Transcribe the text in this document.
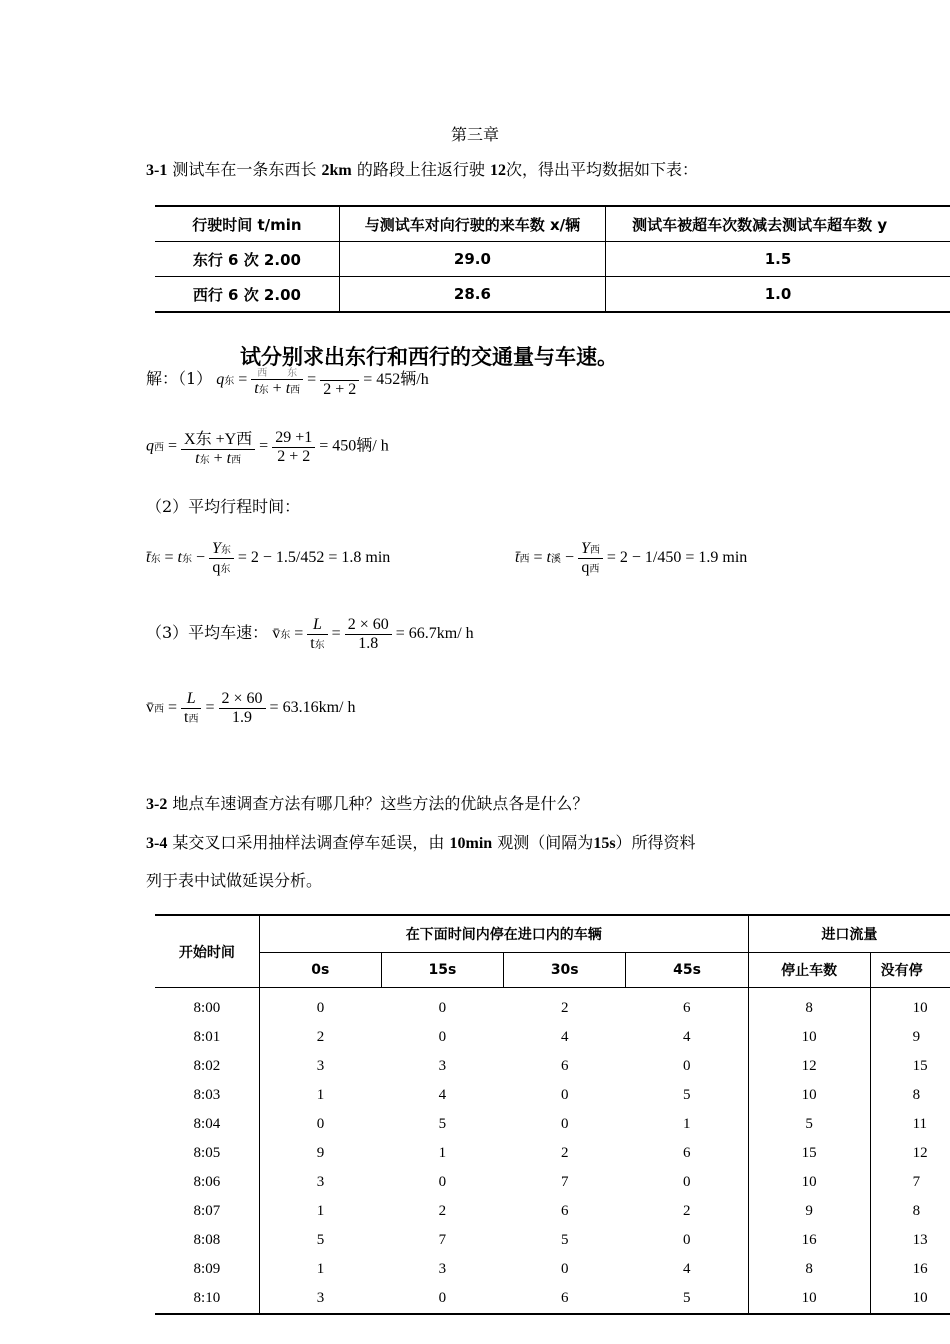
第三章
3-1 测试车在一条东西长 2km 的路段上往返行驶 12次，得出平均数据如下表：
行驶时间 t/min	与测试车对向行驶的来车数 x/辆	测试车被超车次数减去测试车超车数 y
东行 6 次 2.00	29.0	1.5
西行 6 次 2.00	28.6	1.0
解：（1） q东 = $\frac{\text{西　　东}}{\text{t东 + t西}}$ =

2 + 2
= 452辆/h
试分别求出东行和西行的交通量与车速。
q西 = $\frac{\text{X东 +Y西}}{\text{t东 + t西}} = \frac{29 +1}{2 + 2} = 450$辆/ h
（2）平均行程时间：
t̄东 = t东 − $\frac{\text{Y东}}{\text{q东}} = 2 - 1.5/452 = 1.8$ min	t̄西 = t溪 − $\frac{\text{Y西}}{\text{q西}} = 2 - 1/450 = 1.9$ min
（3）平均车速： v̄东 = $\frac{L}{\text{t东}} = \frac{2 \times 60}{1.8} = 66.7km/$ h
v̄西 = $\frac{L}{\text{t西}} = \frac{2 \times 60}{1.9} = 63.16km/$ h
3-2 地点车速调查方法有哪几种？这些方法的优缺点各是什么？
3-4 某交叉口采用抽样法调查停车延误，由 10min 观测（间隔为15s）所得资料
列于表中试做延误分析。
开始时间	在下面时间内停在进口内的车辆				进口流量	
	0s	15s	30s	45s	停止车数	没有停
8:00	0	0	2	6	8	10
8:01	2	0	4	4	10	9
8:02	3	3	6	0	12	15
8:03	1	4	0	5	10	8
8:04	0	5	0	1	5	11
8:05	9	1	2	6	15	12
8:06	3	0	7	0	10	7
8:07	1	2	6	2	9	8
8:08	5	7	5	0	16	13
8:09	1	3	0	4	8	16
8:10	3	0	6	5	10	10
